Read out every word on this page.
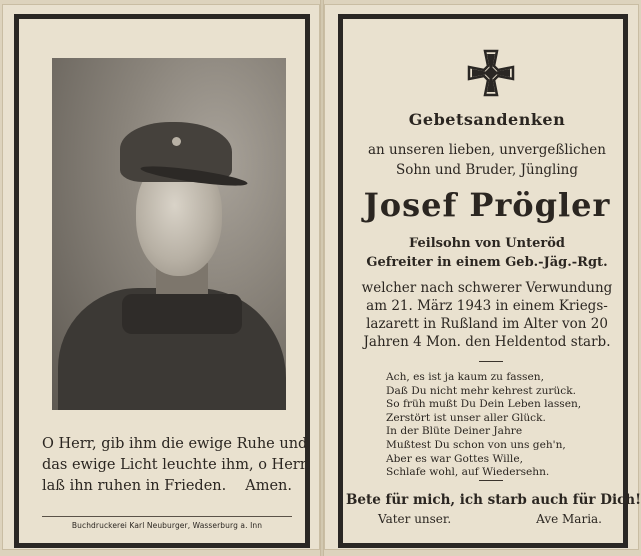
O Herr, gib ihm die ewige Ruhe und
das ewige Licht leuchte ihm, o Herr
laß ihn ruhen in Frieden. Amen.
Buchdruckerei Karl Neuburger, Wasserburg a. Inn
Gebetsandenken
an unseren lieben, unvergeßlichen
Sohn und Bruder, Jüngling
Josef Prögler
Feilsohn von Unteröd
Gefreiter in einem Geb.-Jäg.-Rgt.
welcher nach schwerer Verwundung
am 21. März 1943 in einem Kriegs-
lazarett in Rußland im Alter von 20
Jahren 4 Mon. den Heldentod starb.
Ach, es ist ja kaum zu fassen,
Daß Du nicht mehr kehrest zurück.
So früh mußt Du Dein Leben lassen,
Zerstört ist unser aller Glück.
In der Blüte Deiner Jahre
Mußtest Du schon von uns geh'n,
Aber es war Gottes Wille,
Schlafe wohl, auf Wiedersehn.
Bete für mich, ich starb auch für Dich!
Vater unser.	Ave Maria.
